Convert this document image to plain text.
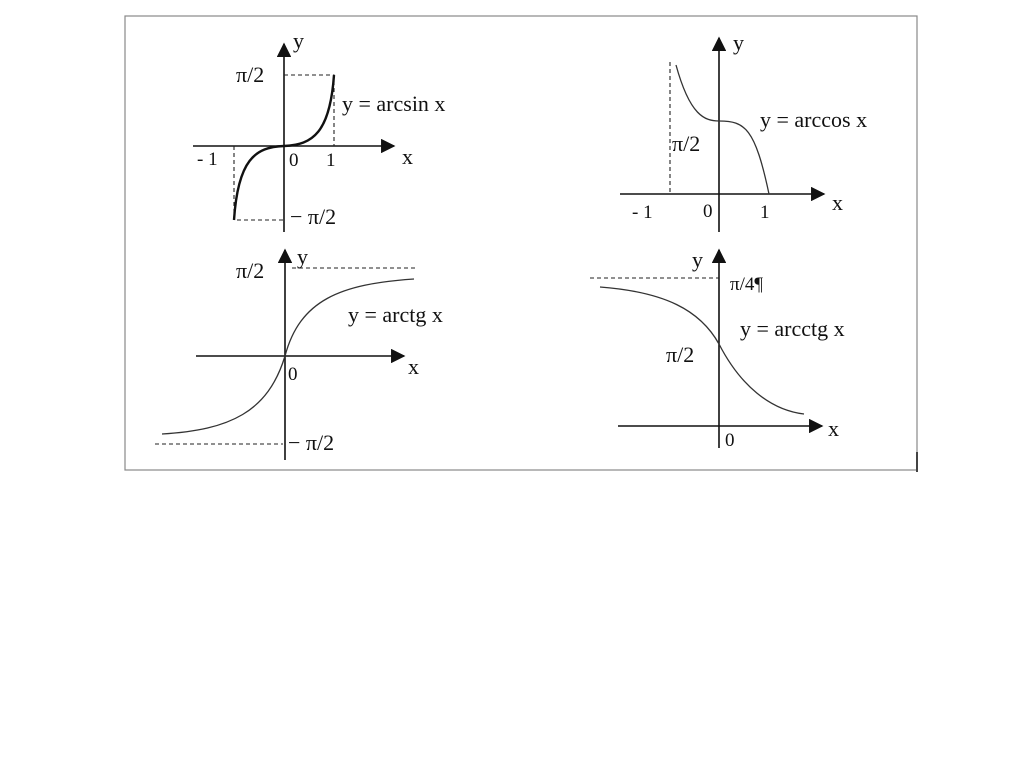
y
x
π/2
− π/2
- 1	0 1
y = arcsin x
y
x
π/2
- 1	0	1
y = arccos x
y
x
π/2
− π/2
0
y = arctg x
y
x
π/4¶
π/2
0
y = arcctg x
